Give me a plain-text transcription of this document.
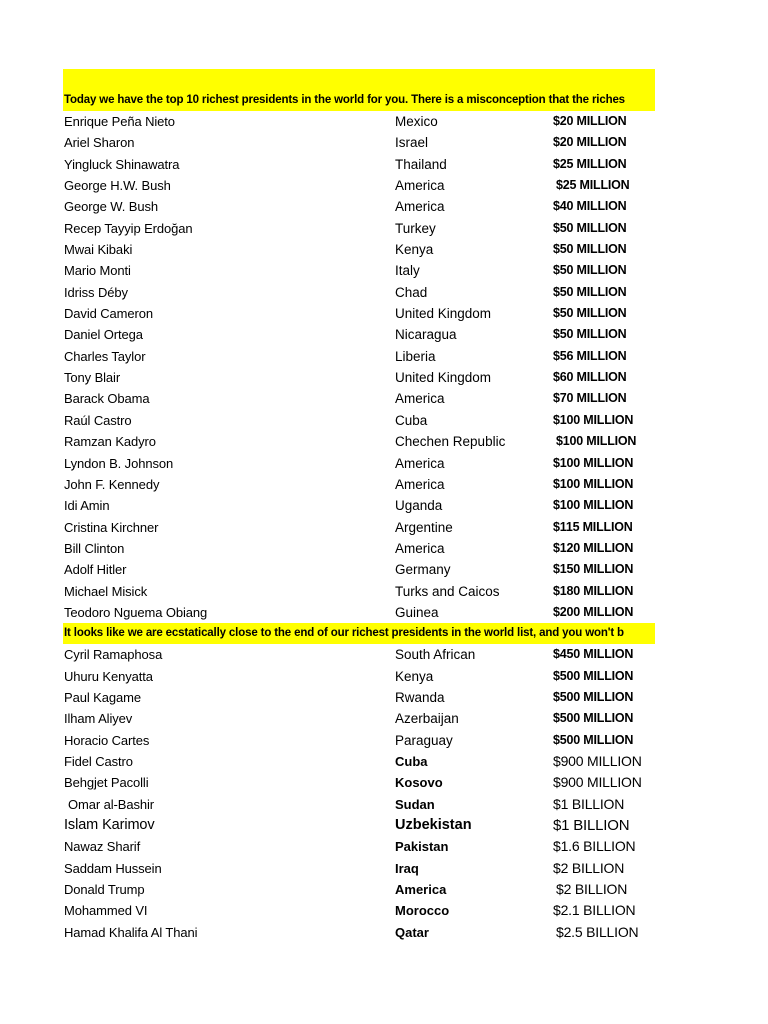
Today we have the top 10 richest presidents in the world for you. There is a misconception that the riches
Enrique Peña Nieto	Mexico	$20 MILLION
Ariel Sharon	Israel	$20 MILLION
Yingluck Shinawatra	Thailand	$25 MILLION
George H.W. Bush	America	$25 MILLION
George W. Bush	America	$40 MILLION
Recep Tayyip Erdoğan	Turkey	$50 MILLION
Mwai Kibaki	Kenya	$50 MILLION
Mario Monti	Italy	$50 MILLION
Idriss Déby	Chad	$50 MILLION
David Cameron	United Kingdom	$50 MILLION
Daniel Ortega	Nicaragua	$50 MILLION
Charles Taylor	Liberia	$56 MILLION
Tony Blair	United Kingdom	$60 MILLION
Barack Obama	America	$70 MILLION
Raúl Castro	Cuba	$100 MILLION
Ramzan Kadyro	Chechen Republic	$100 MILLION
Lyndon B. Johnson	America	$100 MILLION
John F. Kennedy	America	$100 MILLION
Idi Amin	Uganda	$100 MILLION
Cristina Kirchner	Argentine	$115 MILLION
Bill Clinton	America	$120 MILLION
Adolf Hitler	Germany	$150 MILLION
Michael Misick	Turks and Caicos	$180 MILLION
Teodoro Nguema Obiang	Guinea	$200 MILLION
It looks like we are ecstatically close to the end of our richest presidents in the world list, and you won't b
Cyril Ramaphosa	South African	$450 MILLION
Uhuru Kenyatta	Kenya	$500 MILLION
Paul Kagame	Rwanda	$500 MILLION
Ilham Aliyev	Azerbaijan	$500 MILLION
Horacio Cartes	Paraguay	$500 MILLION
Fidel Castro	Cuba	$900 MILLION
Behgjet Pacolli	Kosovo	$900 MILLION
Omar al-Bashir	Sudan	$1 BILLION
Islam Karimov	Uzbekistan	$1 BILLION
Nawaz Sharif	Pakistan	$1.6 BILLION
Saddam Hussein	Iraq	$2 BILLION
Donald Trump	America	$2 BILLION
Mohammed VI	Morocco	$2.1 BILLION
Hamad Khalifa Al Thani	Qatar	$2.5 BILLION
